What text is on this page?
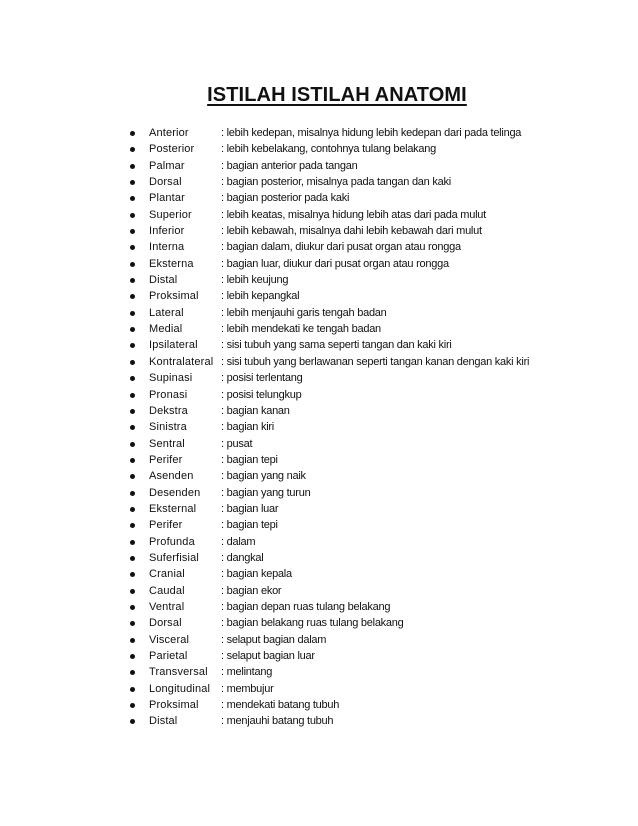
ISTILAH ISTILAH ANATOMI
Anterior	: lebih kedepan, misalnya hidung lebih kedepan dari pada telinga
Posterior : lebih kebelakang, contohnya tulang belakang
Palmar	: bagian anterior pada tangan
Dorsal	: bagian posterior, misalnya pada tangan dan kaki
Plantar	: bagian posterior pada kaki
Superior	: lebih keatas, misalnya hidung lebih atas dari pada mulut
Inferior	: lebih kebawah, misalnya dahi lebih kebawah dari mulut
Interna	: bagian dalam, diukur dari pusat organ atau rongga
Eksterna : bagian luar, diukur dari pusat organ atau rongga
Distal	: lebih keujung
Proksimal : lebih kepangkal
Lateral	: lebih menjauhi garis tengah badan
Medial	: lebih mendekati ke tengah badan
Ipsilateral : sisi tubuh yang sama seperti tangan dan kaki kiri
Kontralateral : sisi tubuh yang berlawanan seperti tangan kanan dengan kaki kiri
Supinasi	: posisi terlentang
Pronasi	: posisi telungkup
Dekstra	: bagian kanan
Sinistra	: bagian kiri
Sentral	: pusat
Perifer	: bagian tepi
Asenden	: bagian yang naik
Desenden : bagian yang turun
Eksternal : bagian luar
Perifer	: bagian tepi
Profunda : dalam
Suferfisial : dangkal
Cranial	: bagian kepala
Caudal	: bagian ekor
Ventral	: bagian depan ruas tulang belakang
Dorsal	: bagian belakang ruas tulang belakang
Visceral	: selaput bagian dalam
Parietal	: selaput bagian luar
Transversal : melintang
Longitudinal : membujur
Proksimal : mendekati batang tubuh
Distal	: menjauhi batang tubuh
